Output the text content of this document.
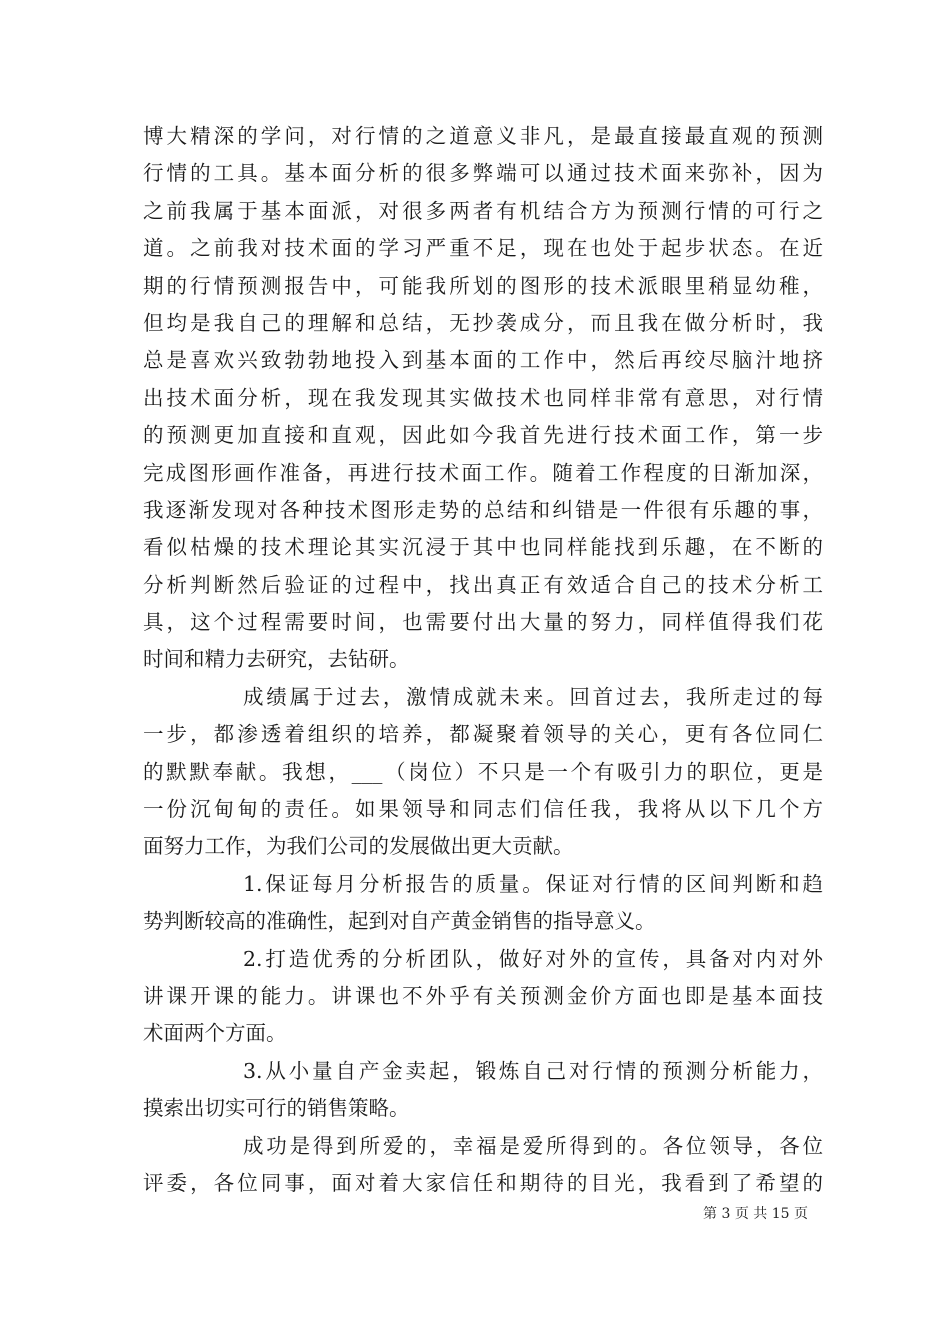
博大精深的学问，对行情的之道意义非凡，是最直接最直观的预测
行情的工具。基本面分析的很多弊端可以通过技术面来弥补，因为
之前我属于基本面派，对很多两者有机结合方为预测行情的可行之
道。之前我对技术面的学习严重不足，现在也处于起步状态。在近
期的行情预测报告中，可能我所划的图形的技术派眼里稍显幼稚，
但均是我自己的理解和总结，无抄袭成分，而且我在做分析时，我
总是喜欢兴致勃勃地投入到基本面的工作中，然后再绞尽脑汁地挤
出技术面分析，现在我发现其实做技术也同样非常有意思，对行情
的预测更加直接和直观，因此如今我首先进行技术面工作，第一步
完成图形画作准备，再进行技术面工作。随着工作程度的日渐加深，
我逐渐发现对各种技术图形走势的总结和纠错是一件很有乐趣的事，
看似枯燥的技术理论其实沉浸于其中也同样能找到乐趣，在不断的
分析判断然后验证的过程中，找出真正有效适合自己的技术分析工
具，这个过程需要时间，也需要付出大量的努力，同样值得我们花
时间和精力去研究，去钻研。
成绩属于过去，激情成就未来。回首过去，我所走过的每
一步，都渗透着组织的培养，都凝聚着领导的关心，更有各位同仁
的默默奉献。我想，___（岗位）不只是一个有吸引力的职位，更是
一份沉甸甸的责任。如果领导和同志们信任我，我将从以下几个方
面努力工作，为我们公司的发展做出更大贡献。
1.保证每月分析报告的质量。保证对行情的区间判断和趋
势判断较高的准确性，起到对自产黄金销售的指导意义。
2.打造优秀的分析团队，做好对外的宣传，具备对内对外
讲课开课的能力。讲课也不外乎有关预测金价方面也即是基本面技
术面两个方面。
3.从小量自产金卖起，锻炼自己对行情的预测分析能力，
摸索出切实可行的销售策略。
成功是得到所爱的，幸福是爱所得到的。各位领导，各位
评委，各位同事，面对着大家信任和期待的目光，我看到了希望的
第 3 页 共 15 页
